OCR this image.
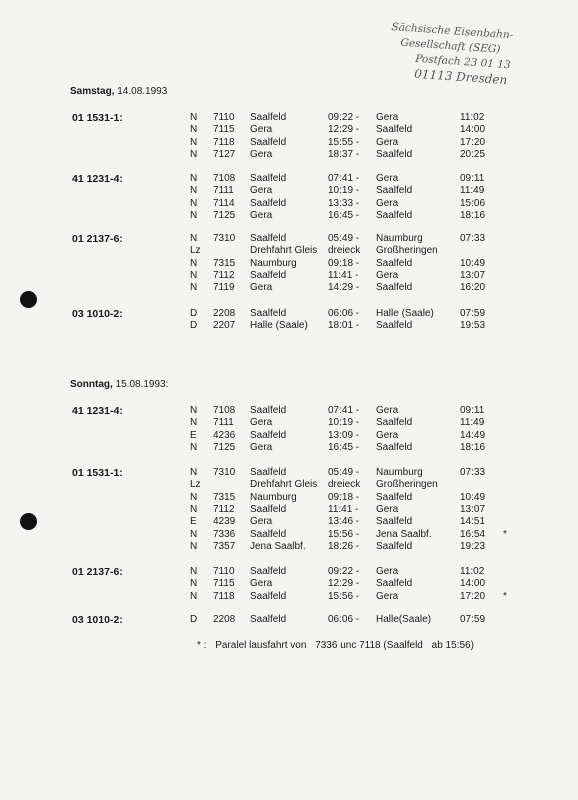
Sächsische Eisenbahn-
Gesellschaft (SEG)
Postfach 23 01 13
01113 Dresden
Samstag, 14.08.1993
01 1531-1:	N 7110 Saalfeld	09:22 - Gera	11:02
N 7115 Gera	12:29 - Saalfeld	14:00
N 7118 Saalfeld	15:55 - Gera	17:20
N 7127 Gera	18:37 - Saalfeld	20:25
41 1231-4:	N 7108 Saalfeld	07:41 - Gera	09:11
N 7111 Gera	10:19 - Saalfeld	11:49
N 7114 Saalfeld	13:33 - Gera	15:06
N 7125 Gera	16:45 - Saalfeld	18:16
01 2137-6:	N 7310 Saalfeld	05:49 - Naumburg	07:33
Lz	Drehfahrt Gleis dreieck Großheringen
N 7315 Naumburg	09:18 - Saalfeld	10:49
N 7112 Saalfeld	11:41 - Gera	13:07
N 7119 Gera	14:29 - Saalfeld	16:20
03 1010-2:	D 2208 Saalfeld	06:06 - Halle (Saale)	07:59
D 2207 Halle (Saale) 18:01 - Saalfeld	19:53
Sonntag, 15.08.1993:
41 1231-4:	N 7108 Saalfeld	07:41 - Gera	09:11
N 7111 Gera	10:19 - Saalfeld	11:49
E 4236 Saalfeld	13:09 - Gera	14:49
N 7125 Gera	16:45 - Saalfeld	18:16
01 1531-1:	N 7310 Saalfeld	05:49 - Naumburg	07:33
Lz	Drehfahrt Gleis dreieck Großheringen
N 7315 Naumburg	09:18 - Saalfeld	10:49
N 7112 Saalfeld	11:41 - Gera	13:07
E 4239 Gera	13:46 - Saalfeld	14:51
N 7336 Saalfeld	15:56 - Jena Saalbf.	16:54 *
N 7357 Jena Saalbf. 18:26 - Saalfeld	19:23
01 2137-6:	N 7110 Saalfeld	09:22 - Gera	11:02
N 7115 Gera	12:29 - Saalfeld	14:00
N 7118 Saalfeld	15:56 - Gera	17:20 *
03 1010-2:	D 2208 Saalfeld	06:06 - Halle(Saale)	07:59
* : Paralel lausfahrt von 7336 unc 7118 (Saalfeld ab 15:56)
